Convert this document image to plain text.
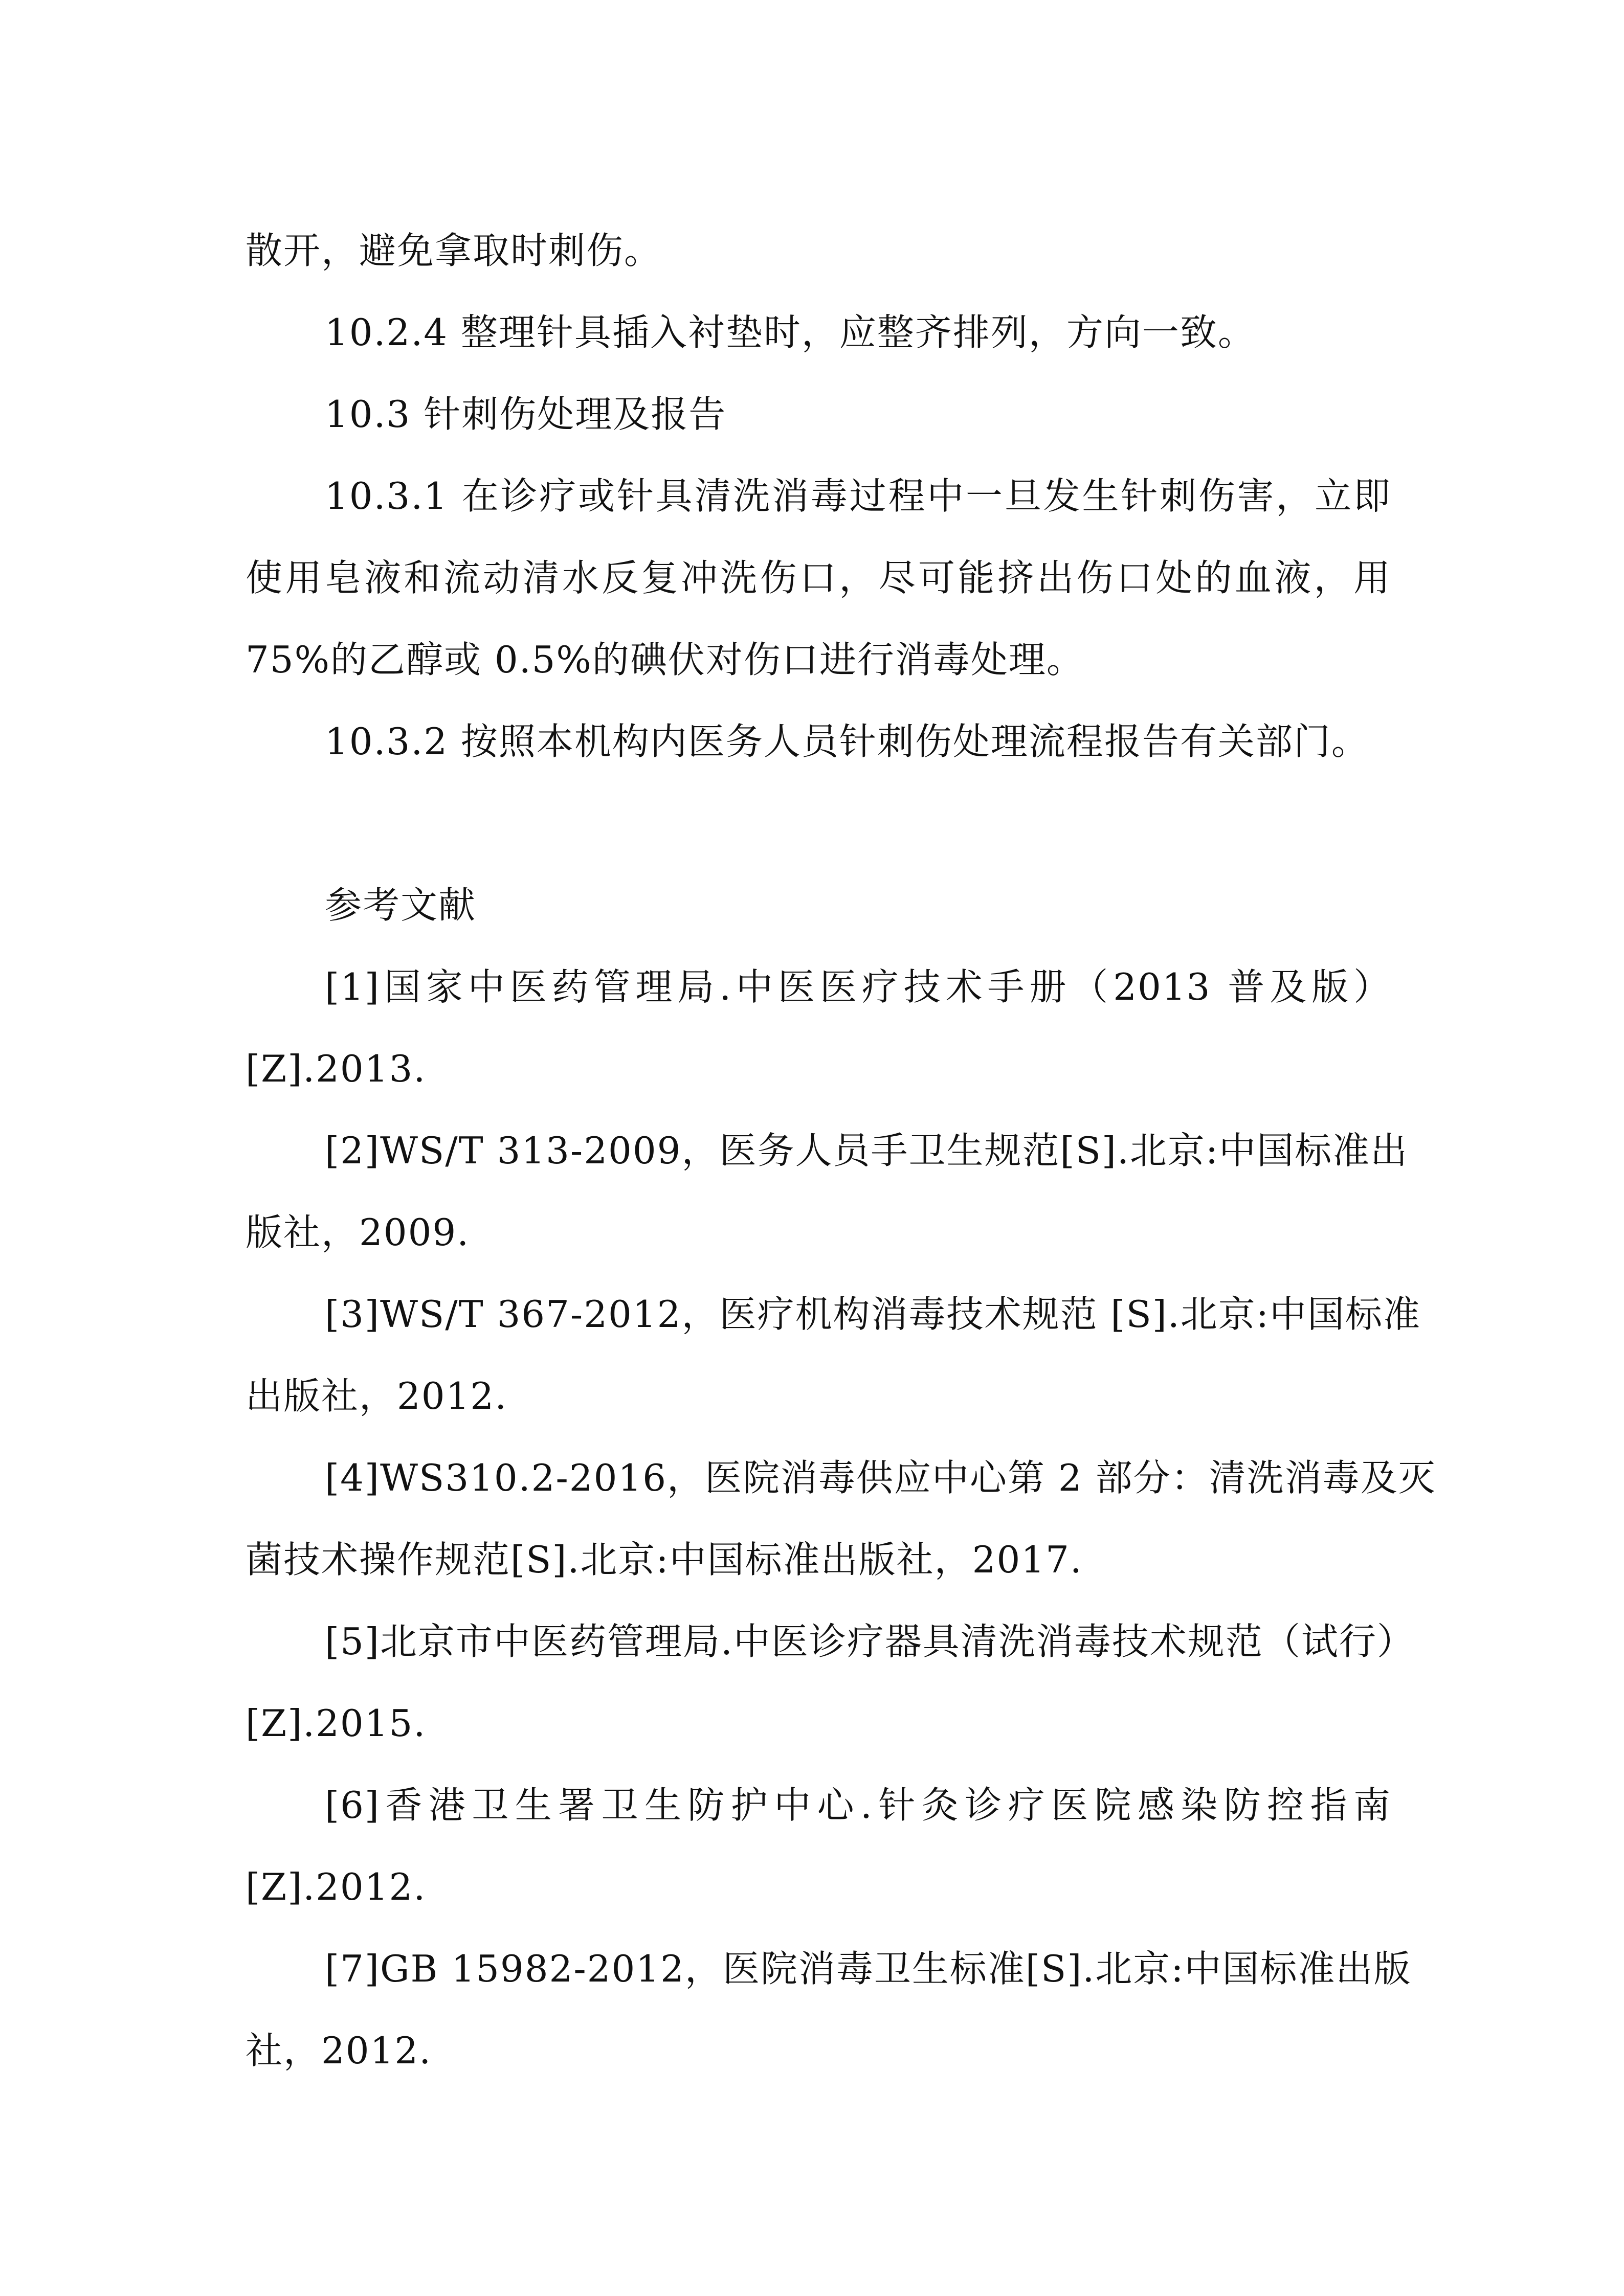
散开，避免拿取时刺伤。
10.2.4 整理针具插入衬垫时，应整齐排列，方向一致。
10.3 针刺伤处理及报告
10.3.1 在诊疗或针具清洗消毒过程中一旦发生针刺伤害，立即
使用皂液和流动清水反复冲洗伤口，尽可能挤出伤口处的血液，用
75%的乙醇或 0.5%的碘伏对伤口进行消毒处理。
10.3.2 按照本机构内医务人员针刺伤处理流程报告有关部门。
参考文献
[1]国家中医药管理局.中医医疗技术手册（2013 普及版）
[Z].2013.
[2]WS/T 313-2009，医务人员手卫生规范[S].北京:中国标准出
版社，2009.
[3]WS/T 367-2012，医疗机构消毒技术规范 [S].北京:中国标准
出版社，2012.
[4]WS310.2-2016，医院消毒供应中心第 2 部分：清洗消毒及灭
菌技术操作规范[S].北京:中国标准出版社，2017.
[5]北京市中医药管理局.中医诊疗器具清洗消毒技术规范（试行）
[Z].2015.
[6]香港卫生署卫生防护中心.针灸诊疗医院感染防控指南
[Z].2012.
[7]GB 15982-2012，医院消毒卫生标准[S].北京:中国标准出版
社，2012.
